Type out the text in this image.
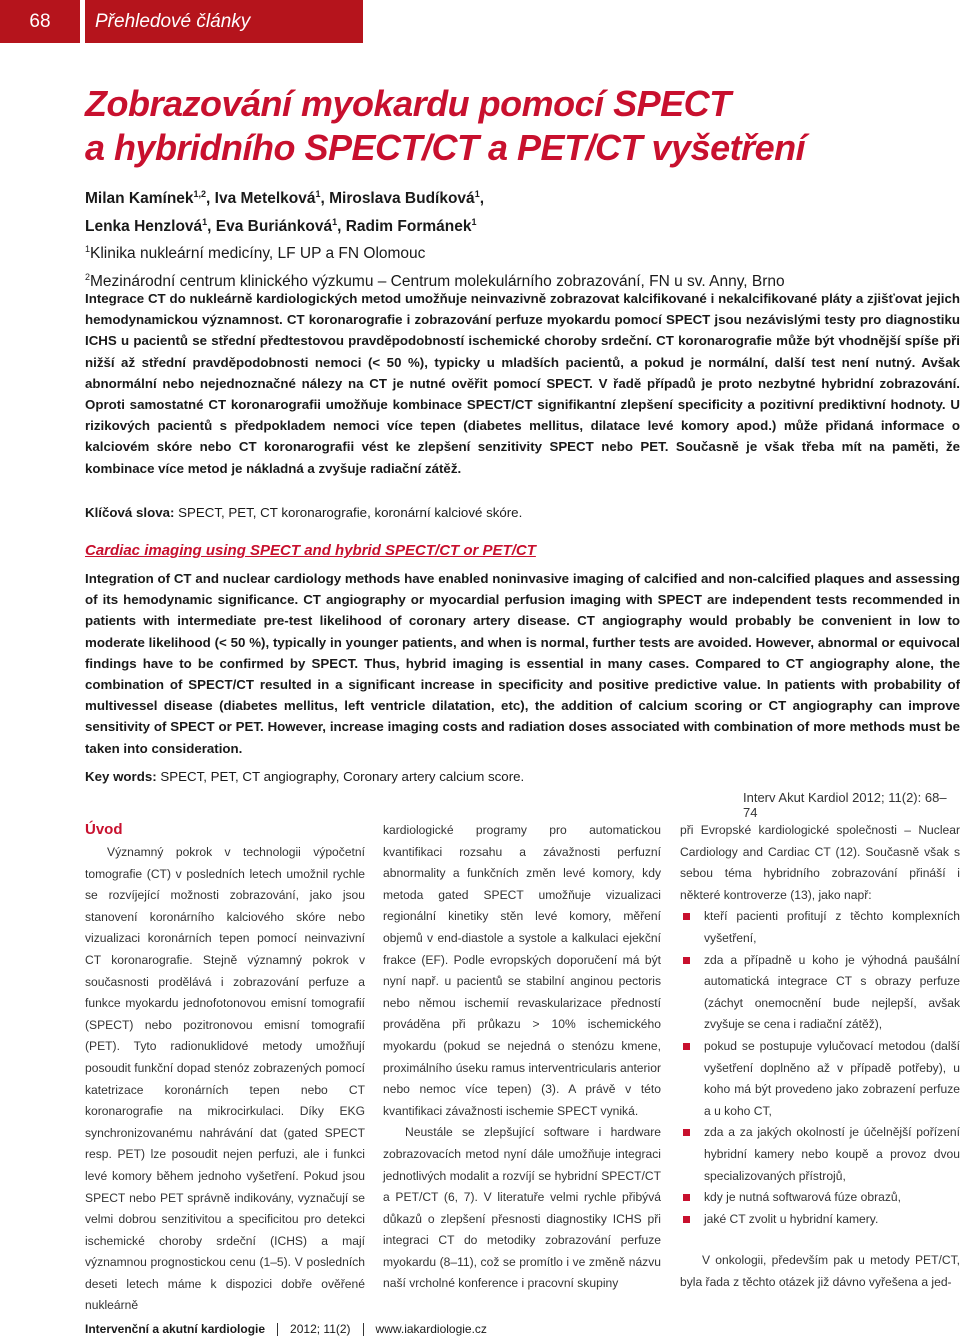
68	Přehledové články
Zobrazování myokardu pomocí SPECT
a hybridního SPECT/CT a PET/CT vyšetření
Milan Kamínek$^{1,2}$, Iva Metelková$^1$, Miroslava Budíková$^1$,
Lenka Henzlová$^1$, Eva Buriánková$^1$, Radim Formánek$^1$
$^1$Klinika nukleární medicíny, LF UP a FN Olomouc
$^2$Mezinárodní centrum klinického výzkumu – Centrum molekulárního zobrazování, FN u sv. Anny, Brno
Integrace CT do nukleárně kardiologických metod umožňuje neinvazivně zobrazovat kalcifikované i nekalcifikované pláty a zjišťovat jejich hemodynamickou významnost. CT koronarografie i zobrazování perfuze myokardu pomocí SPECT jsou nezávislými testy pro diagnostiku ICHS u pacientů se střední předtestovou pravděpodobností ischemické choroby srdeční. CT koronarografie může být vhodnější spíše při nižší až střední pravděpodobnosti nemoci (< 50 %), typicky u mladších pacientů, a pokud je normální, další test není nutný. Avšak abnormální nebo nejednoznačné nálezy na CT je nutné ověřit pomocí SPECT. V řadě případů je proto nezbytné hybridní zobrazování. Oproti samostatné CT koronarografii umožňuje kombinace SPECT/CT signifikantní zlepšení specificity a pozitivní prediktivní hodnoty. U rizikových pacientů s předpokladem nemoci více tepen (diabetes mellitus, dilatace levé komory apod.) může přidaná informace o kalciovém skóre nebo CT koronarografii vést ke zlepšení senzitivity SPECT nebo PET. Současně je však třeba mít na paměti, že kombinace více metod je nákladná a zvyšuje radiační zátěž.
Klíčová slova: SPECT, PET, CT koronarografie, koronární kalciové skóre.
Cardiac imaging using SPECT and hybrid SPECT/CT or PET/CT
Integration of CT and nuclear cardiology methods have enabled noninvasive imaging of calcified and non-calcified plaques and assessing of its hemodynamic significance. CT angiography or myocardial perfusion imaging with SPECT are independent tests recommended in patients with intermediate pre-test likelihood of coronary artery disease. CT angiography would probably be convenient in low to moderate likelihood (< 50 %), typically in younger patients, and when is normal, further tests are avoided. However, abnormal or equivocal findings have to be confirmed by SPECT. Thus, hybrid imaging is essential in many cases. Compared to CT angiography alone, the combination of SPECT/CT resulted in a significant increase in specificity and positive predictive value. In patients with probability of multivessel disease (diabetes mellitus, left ventricle dilatation, etc), the addition of calcium scoring or CT angiography can improve sensitivity of SPECT or PET. However, increase imaging costs and radiation doses associated with combination of more methods must be taken into consideration.
Key words: SPECT, PET, CT angiography, Coronary artery calcium score.
Interv Akut Kardiol 2012; 11(2): 68–74
Úvod

Významný pokrok v technologii výpočetní tomografie (CT) v posledních letech umožnil rychle se rozvíjející možnosti zobrazování, jako jsou stanovení koronárního kalciového skóre nebo vizualizaci koronárních tepen pomocí neinvazivní CT koronarografie. Stejně významný pokrok v současnosti prodělává i zobrazování perfuze a funkce myokardu jednofotonovou emisní tomografií (SPECT) nebo pozitronovou emisní tomografií (PET). Tyto radionuklidové metody umožňují posoudit funkční dopad stenóz zobrazených pomocí katetrizace koronárních tepen nebo CT koronarografie na mikrocirkulaci. Díky EKG synchronizovanému nahrávání dat (gated SPECT resp. PET) lze posoudit nejen perfuzi, ale i funkci levé komory během jednoho vyšetření. Pokud jsou SPECT nebo PET správně indikovány, vyznačují se velmi dobrou senzitivitou a specificitou pro detekci ischemické choroby srdeční (ICHS) a mají významnou prognostickou cenu (1–5). V posledních deseti letech máme k dispozici dobře ověřené nukleárně

kardiologické programy pro automatickou kvantifikaci rozsahu a závažnosti perfuzní abnormality a funkčních změn levé komory, kdy metoda gated SPECT umožňuje vizualizaci regionální kinetiky stěn levé komory, měření objemů v end-diastole a systole a kalkulaci ejekční frakce (EF). Podle evropských doporučení má být nyní např. u pacientů se stabilní anginou pectoris nebo němou ischemií revaskularizace předností prováděna při průkazu > 10% ischemického myokardu (pokud se nejedná o stenózu kmene, proximálního úseku ramus interventricularis anterior nebo nemoc více tepen) (3). A právě v této kvantifikaci závažnosti ischemie SPECT vyniká.

Neustále se zlepšující software i hardware zobrazovacích metod nyní dále umožňuje integraci jednotlivých modalit a rozvíjí se hybridní SPECT/CT a PET/CT (6, 7). V literatuře velmi rychle přibývá důkazů o zlepšení přesnosti diagnostiky ICHS při integraci CT do metodiky zobrazování perfuze myokardu (8–11), což se promítlo i ve změně názvu naší vrcholné konference i pracovní skupiny

při Evropské kardiologické společnosti – Nuclear Cardiology and Cardiac CT (12). Současně však s sebou téma hybridního zobrazování přináší i některé kontroverze (13), jako např:

kteří pacienti profitují z těchto komplexních vyšetření,
zda a případně u koho je výhodná paušální automatická integrace CT s obrazy perfuze (záchyt onemocnění bude nejlepší, avšak zvyšuje se cena i radiační zátěž),
pokud se postupuje vylučovací metodou (další vyšetření doplněno až v případě potřeby), u koho má být provedeno jako zobrazení perfuze a u koho CT,
zda a za jakých okolností je účelnější pořízení hybridní kamery nebo koupě a provoz dvou specializovaných přístrojů,
kdy je nutná softwarová fúze obrazů,
jaké CT zvolit u hybridní kamery.

V onkologii, především pak u metody PET/CT, byla řada z těchto otázek již dávno vyřešena a jed-

Intervenční a akutní kardiologie 2012; 11(2) www.iakardiologie.cz
